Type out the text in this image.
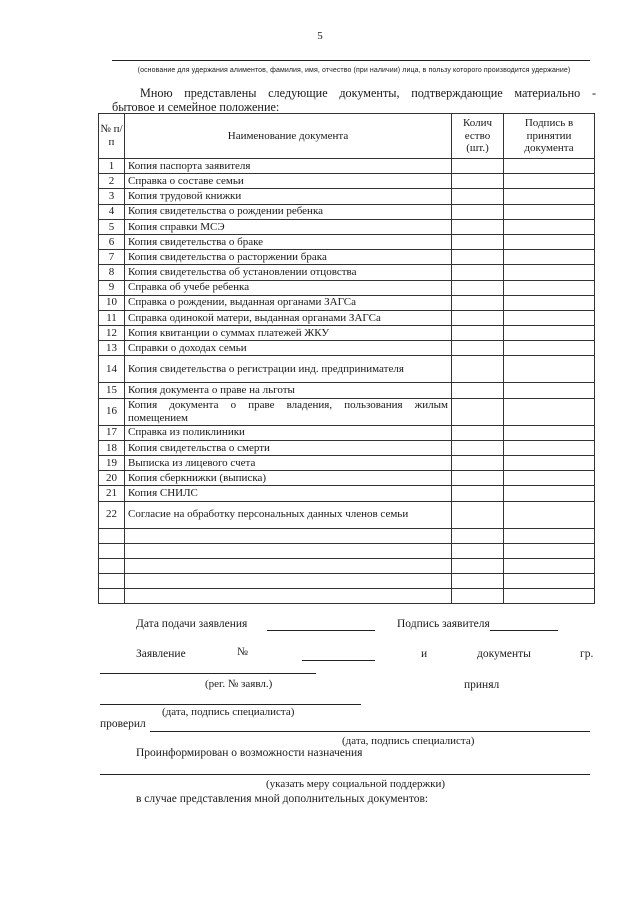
5
(основание для удержания алиментов, фамилия, имя, отчество (при наличии) лица, в пользу которого производится удержание)
Мною представлены следующие документы, подтверждающие материально -
бытовое и семейное положение:
№ п/ п	Наименование документа	Колич ество (шт.)	Подпись в принятии документа
1	Копия паспорта заявителя		
2	Справка о составе семьи		
3	Копия трудовой книжки		
4	Копия свидетельства о рождении ребенка		
5	Копия справки МСЭ		
6	Копия свидетельства о браке		
7	Копия свидетельства о расторжении брака		
8	Копия свидетельства об установлении отцовства		
9	Справка об учебе ребенка		
10	Справка о рождении, выданная органами ЗАГСа		
11	Справка одинокой матери, выданная органами ЗАГСа		
12	Копия квитанции о суммах платежей ЖКУ		
13	Справки о доходах семьи		
14	Копия свидетельства о регистрации инд. предпринимателя		
15	Копия документа о праве на льготы		
16	Копия документа о праве владения, пользования жилым помещением		
17	Справка из поликлиники		
18	Копия свидетельства о смерти		
19	Выписка из лицевого счета		
20	Копия сберкнижки (выписка)		
21	Копия СНИЛС		
22	Согласие на обработку персональных данных членов семьи		

Дата подачи заявления	Подпись заявителя
Заявление	№	и	документы	гр.
(рег. № заявл.)	принял
(дата, подпись специалиста)
проверил
(дата, подпись специалиста)
Проинформирован о возможности назначения
(указать меру социальной поддержки)
в случае представления мной дополнительных документов:
